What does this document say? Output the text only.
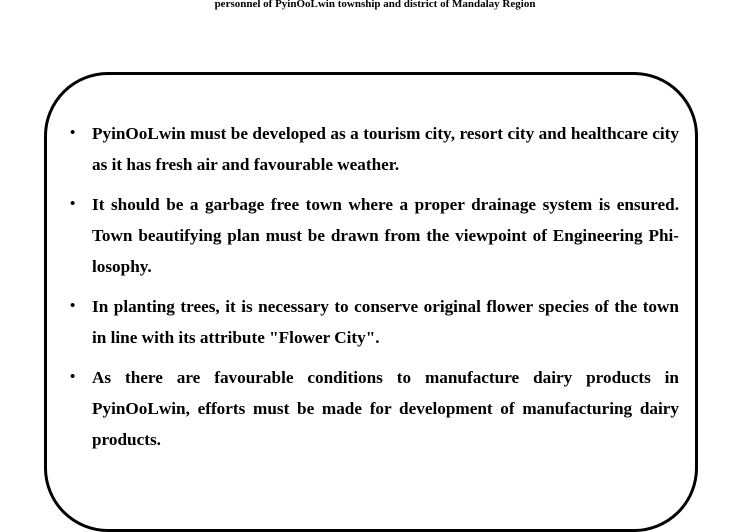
personnel of PyinOoLwin township and district of Mandalay Region
• PyinOoLwin must be developed as a tourism city, resort city and healthcare city as it has fresh air and favourable weather.
• It should be a garbage free town where a proper drainage system is ensured. Town beautifying plan must be drawn from the viewpoint of Engineering Phi-losophy.
• In planting trees, it is necessary to conserve original flower species of the town in line with its attribute "Flower City".
• As there are favourable conditions to manufacture dairy products in PyinOoLwin, efforts must be made for development of manufacturing dairy products.
